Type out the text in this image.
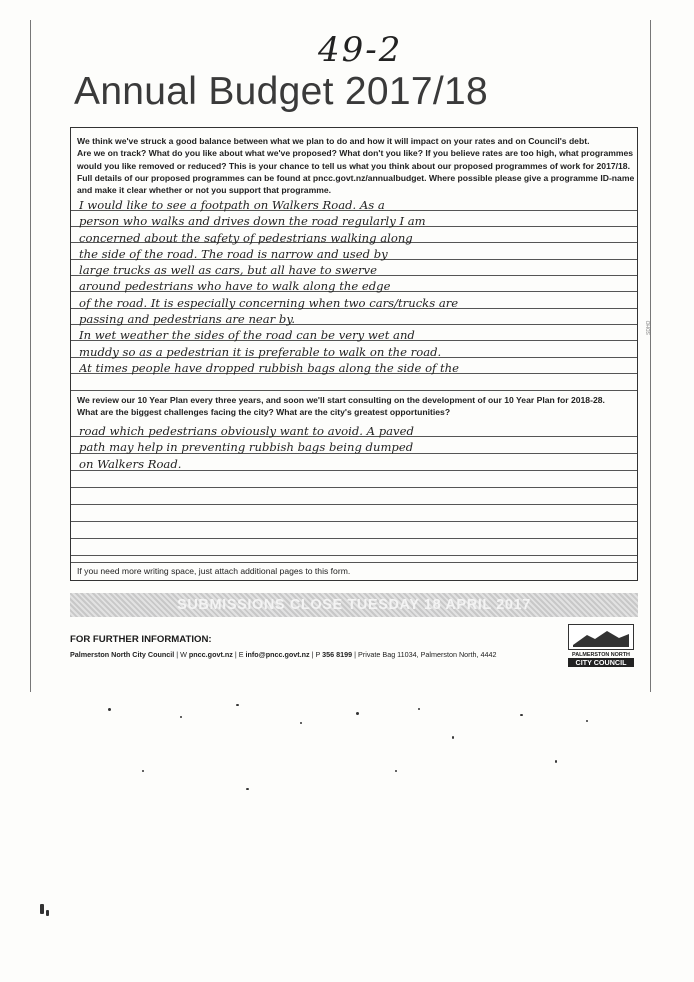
49-2

Annual Budget 2017/18
We think we've struck a good balance between what we plan to do and how it will impact on your rates and on Council's debt.
Are we on track? What do you like about what we've proposed? What don't you like? If you believe rates are too high, what programmes
would you like removed or reduced? This is your chance to tell us what you think about our proposed programmes of work for 2017/18.
Full details of our proposed programmes can be found at pncc.govt.nz/annualbudget. Where possible please give a programme ID-name
and make it clear whether or not you support that programme.
I would like to see a footpath on Walkers Road. As a
person who walks and drives down the road regularly I am
concerned about the safety of pedestrians walking along
the side of the road. The road is narrow and used by
large trucks as well as cars, but all have to swerve
around pedestrians who have to walk along the edge
of the road. It is especially concerning when two cars/trucks are
passing and pedestrians are near by.
In wet weather the sides of the road can be very wet and
muddy so as a pedestrian it is preferable to walk on the road.
At times people have dropped rubbish bags along the side of the
We review our 10 Year Plan every three years, and soon we'll start consulting on the development of our 10 Year Plan for 2018-28.
What are the biggest challenges facing the city? What are the city's greatest opportunities?
road which pedestrians obviously want to avoid. A paved
path may help in preventing rubbish bags being dumped
on Walkers Road.
If you need more writing space, just attach additional pages to this form.
SDHO
SUBMISSIONS CLOSE TUESDAY 18 APRIL 2017

FOR FURTHER INFORMATION:

Palmerston North City Council | W pncc.govt.nz | E info@pncc.govt.nz | P 356 8199 | Private Bag 11034, Palmerston North, 4442	PALMERSTON NORTH
CITY COUNCIL
